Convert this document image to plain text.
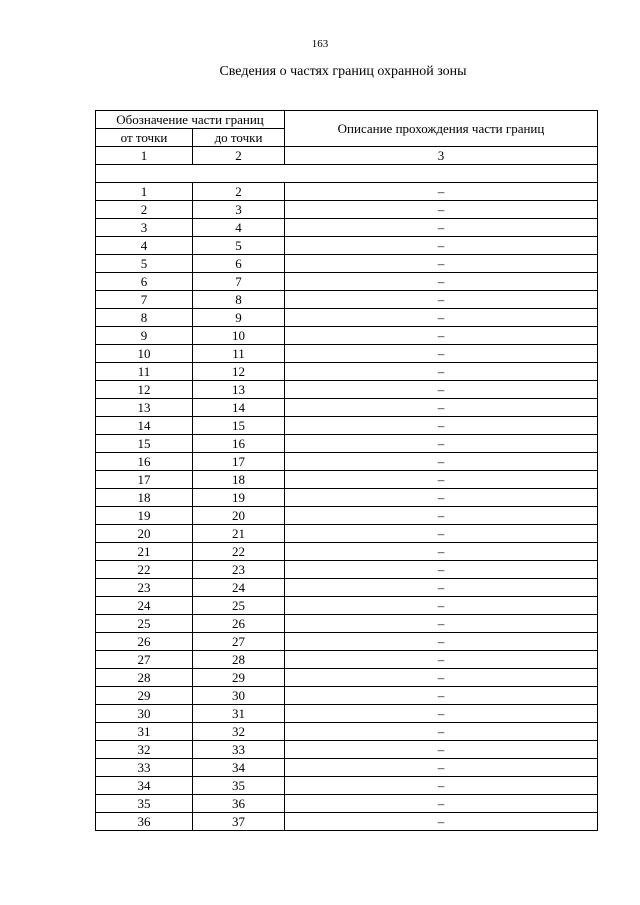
163
Сведения о частях границ охранной зоны
Обозначение части границ		Описание прохождения части границ
от точки	до точки	
1	2	3

1	2	–
2	3	–
3	4	–
4	5	–
5	6	–
6	7	–
7	8	–
8	9	–
9	10	–
10	11	–
11	12	–
12	13	–
13	14	–
14	15	–
15	16	–
16	17	–
17	18	–
18	19	–
19	20	–
20	21	–
21	22	–
22	23	–
23	24	–
24	25	–
25	26	–
26	27	–
27	28	–
28	29	–
29	30	–
30	31	–
31	32	–
32	33	–
33	34	–
34	35	–
35	36	–
36	37	–
